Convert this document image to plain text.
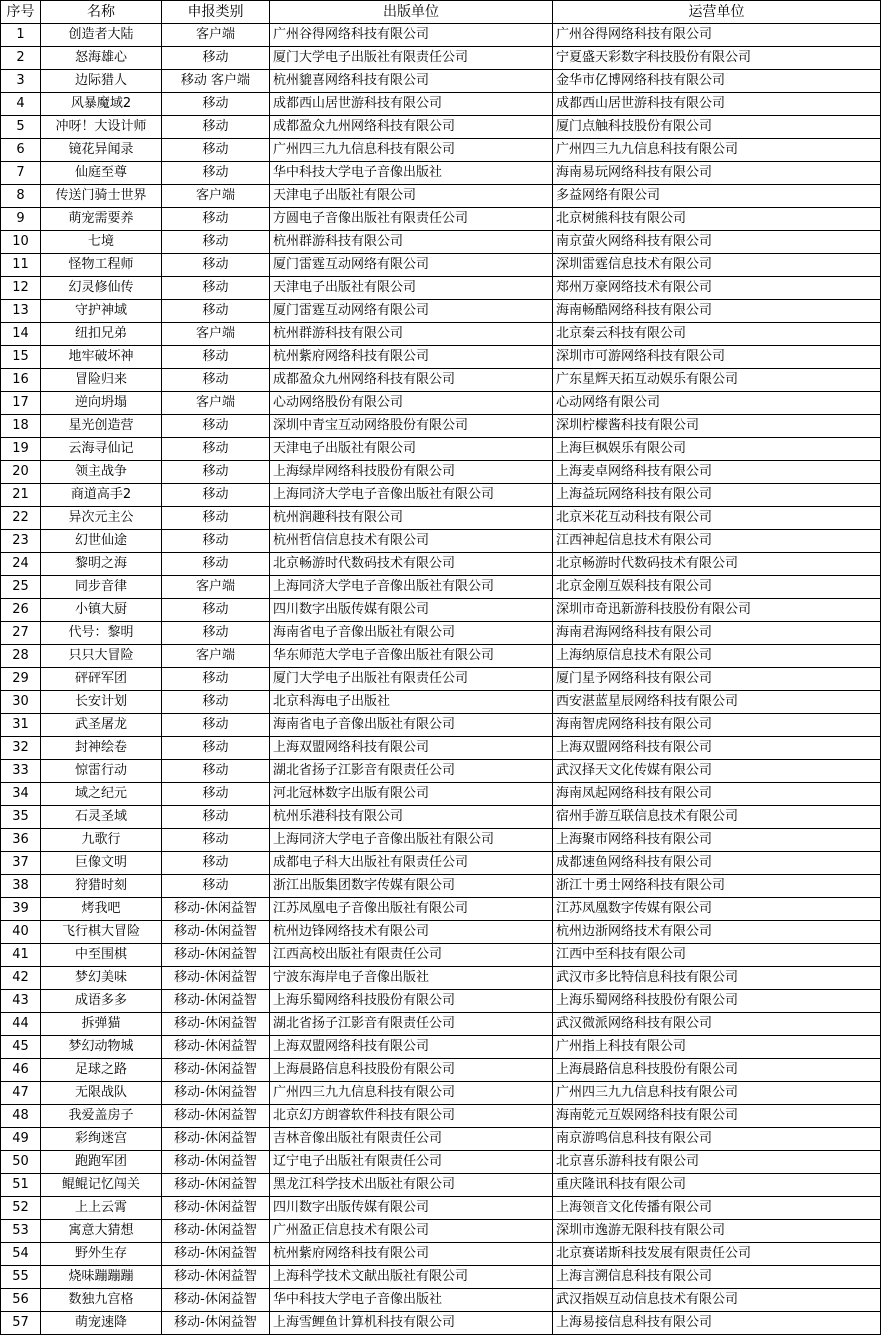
序号	名称	申报类别	出版单位	运营单位
1	创造者大陆	客户端	广州谷得网络科技有限公司	广州谷得网络科技有限公司
2	怒海雄心	移动	厦门大学电子出版社有限责任公司	宁夏盛天彩数字科技股份有限公司
3	边际猎人	移动 客户端	杭州貔喜网络科技有限公司	金华市亿博网络科技有限公司
4	风暴魔域2	移动	成都西山居世游科技有限公司	成都西山居世游科技有限公司
5	冲呀！大设计师	移动	成都盈众九州网络科技有限公司	厦门点触科技股份有限公司
6	镜花异闻录	移动	广州四三九九信息科技有限公司	广州四三九九信息科技有限公司
7	仙庭至尊	移动	华中科技大学电子音像出版社	海南易玩网络科技有限公司
8	传送门骑士世界	客户端	天津电子出版社有限公司	多益网络有限公司
9	萌宠需要养	移动	方圆电子音像出版社有限责任公司	北京树熊科技有限公司
10	七境	移动	杭州群游科技有限公司	南京萤火网络科技有限公司
11	怪物工程师	移动	厦门雷霆互动网络有限公司	深圳雷霆信息技术有限公司
12	幻灵修仙传	移动	天津电子出版社有限公司	郑州万豪网络技术有限公司
13	守护神域	移动	厦门雷霆互动网络有限公司	海南畅酷网络科技有限公司
14	纽扣兄弟	客户端	杭州群游科技有限公司	北京秦云科技有限公司
15	地牢破坏神	移动	杭州紫府网络科技有限公司	深圳市可游网络科技有限公司
16	冒险归来	移动	成都盈众九州网络科技有限公司	广东星辉天拓互动娱乐有限公司
17	逆向坍塌	客户端	心动网络股份有限公司	心动网络有限公司
18	星光创造营	移动	深圳中青宝互动网络股份有限公司	深圳柠檬酱科技有限公司
19	云海寻仙记	移动	天津电子出版社有限公司	上海巨枫娱乐有限公司
20	领主战争	移动	上海绿岸网络科技股份有限公司	上海麦卓网络科技有限公司
21	商道高手2	移动	上海同济大学电子音像出版社有限公司	上海益玩网络科技有限公司
22	异次元主公	移动	杭州润趣科技有限公司	北京米花互动科技有限公司
23	幻世仙途	移动	杭州哲信信息技术有限公司	江西神起信息技术有限公司
24	黎明之海	移动	北京畅游时代数码技术有限公司	北京畅游时代数码技术有限公司
25	同步音律	客户端	上海同济大学电子音像出版社有限公司	北京金刚互娱科技有限公司
26	小镇大厨	移动	四川数字出版传媒有限公司	深圳市奇迅新游科技股份有限公司
27	代号：黎明	移动	海南省电子音像出版社有限公司	海南君海网络科技有限公司
28	只只大冒险	客户端	华东师范大学电子音像出版社有限公司	上海纳原信息技术有限公司
29	砰砰军团	移动	厦门大学电子出版社有限责任公司	厦门星予网络科技有限公司
30	长安计划	移动	北京科海电子出版社	西安湛蓝星辰网络科技有限公司
31	武圣屠龙	移动	海南省电子音像出版社有限公司	海南智虎网络科技有限公司
32	封神绘卷	移动	上海双盟网络科技有限公司	上海双盟网络科技有限公司
33	惊雷行动	移动	湖北省扬子江影音有限责任公司	武汉择天文化传媒有限公司
34	域之纪元	移动	河北冠林数字出版有限公司	海南凤起网络科技有限公司
35	石灵圣域	移动	杭州乐港科技有限公司	宿州手游互联信息技术有限公司
36	九歌行	移动	上海同济大学电子音像出版社有限公司	上海聚市网络科技有限公司
37	巨像文明	移动	成都电子科大出版社有限责任公司	成都速鱼网络科技有限公司
38	狩猎时刻	移动	浙江出版集团数字传媒有限公司	浙江十勇士网络科技有限公司
39	烤我吧	移动-休闲益智	江苏凤凰电子音像出版社有限公司	江苏凤凰数字传媒有限公司
40	飞行棋大冒险	移动-休闲益智	杭州边锋网络技术有限公司	杭州边浙网络技术有限公司
41	中至围棋	移动-休闲益智	江西高校出版社有限责任公司	江西中至科技有限公司
42	梦幻美味	移动-休闲益智	宁波东海岸电子音像出版社	武汉市多比特信息科技有限公司
43	成语多多	移动-休闲益智	上海乐蜀网络科技股份有限公司	上海乐蜀网络科技股份有限公司
44	拆弹猫	移动-休闲益智	湖北省扬子江影音有限责任公司	武汉微派网络科技有限公司
45	梦幻动物城	移动-休闲益智	上海双盟网络科技有限公司	广州指上科技有限公司
46	足球之路	移动-休闲益智	上海晨路信息科技股份有限公司	上海晨路信息科技股份有限公司
47	无限战队	移动-休闲益智	广州四三九九信息科技有限公司	广州四三九九信息科技有限公司
48	我爱盖房子	移动-休闲益智	北京幻方朗睿软件科技有限公司	海南乾元互娱网络科技有限公司
49	彩绚迷宫	移动-休闲益智	吉林音像出版社有限责任公司	南京游鸣信息科技有限公司
50	跑跑军团	移动-休闲益智	辽宁电子出版社有限责任公司	北京喜乐游科技有限公司
51	鲲鲲记忆闯关	移动-休闲益智	黑龙江科学技术出版社有限公司	重庆隆讯科技有限公司
52	上上云霄	移动-休闲益智	四川数字出版传媒有限公司	上海领音文化传播有限公司
53	寓意大猜想	移动-休闲益智	广州盈正信息技术有限公司	深圳市逸游无限科技有限公司
54	野外生存	移动-休闲益智	杭州紫府网络科技有限公司	北京赛诺斯科技发展有限责任公司
55	烧味蹦蹦蹦	移动-休闲益智	上海科学技术文献出版社有限公司	上海言溯信息科技有限公司
56	数独九宫格	移动-休闲益智	华中科技大学电子音像出版社	武汉指娱互动信息技术有限公司
57	萌宠速降	移动-休闲益智	上海雪鲤鱼计算机科技有限公司	上海易接信息科技有限公司
